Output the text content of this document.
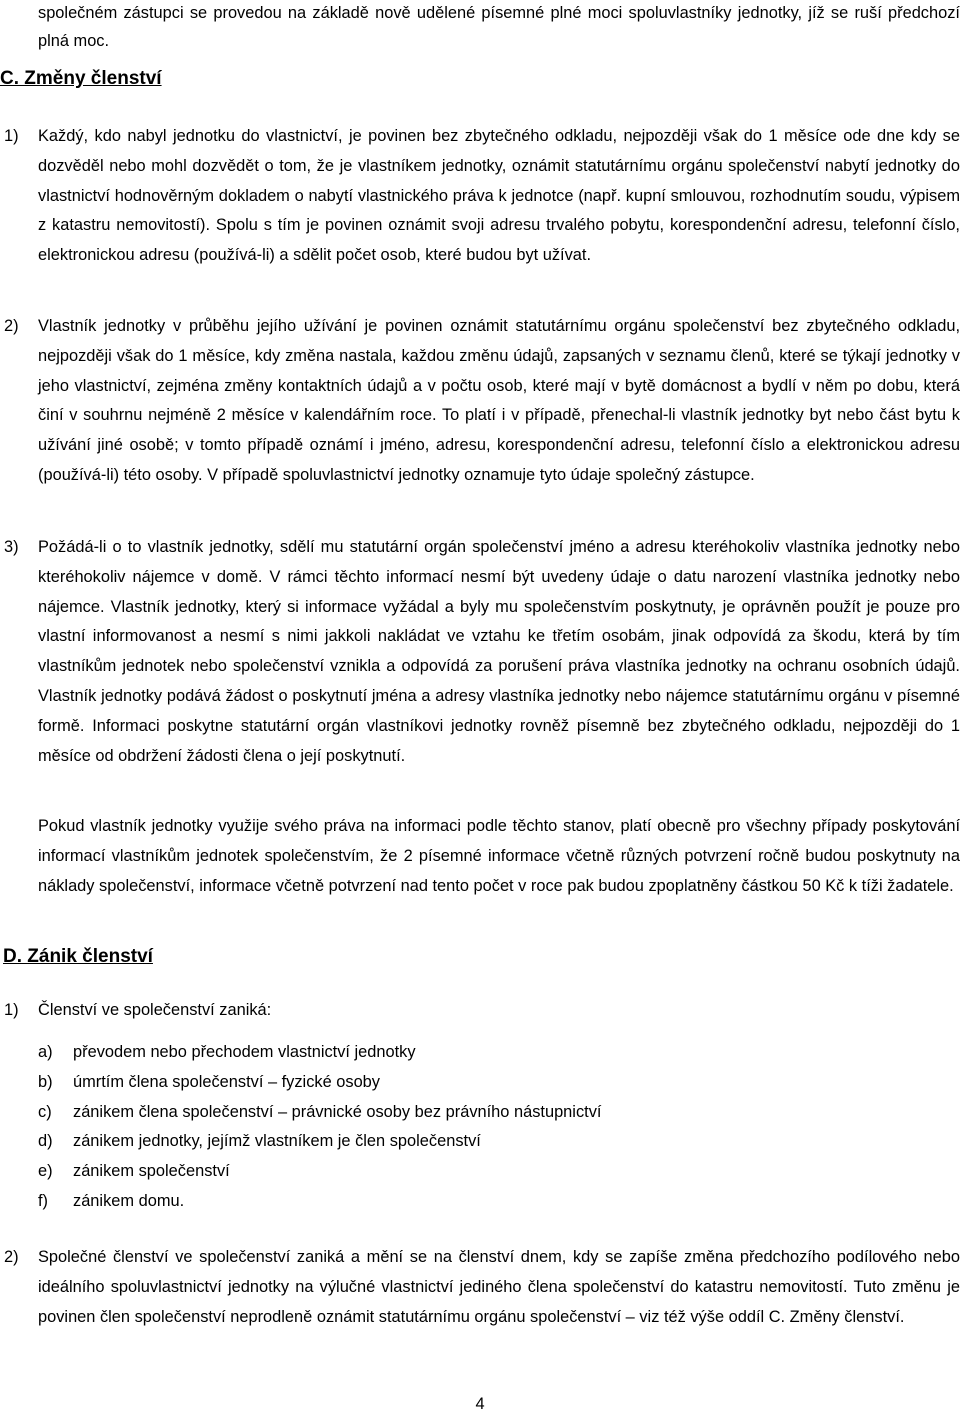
společném zástupci se provedou na základě nově udělené písemné plné moci spoluvlastníky jednotky, jíž se ruší předchozí plná moc.

C. Změny členství
1) Každý, kdo nabyl jednotku do vlastnictví, je povinen bez zbytečného odkladu, nejpozději však do 1 měsíce ode dne kdy se dozvěděl nebo mohl dozvědět o tom, že je vlastníkem jednotky, oznámit statutárnímu orgánu společenství nabytí jednotky do vlastnictví hodnověrným dokladem o nabytí vlastnického práva k jednotce (např. kupní smlouvou, rozhodnutím soudu, výpisem z katastru nemovitostí). Spolu s tím je povinen oznámit svoji adresu trvalého pobytu, korespondenční adresu, telefonní číslo, elektronickou adresu (používá-li) a sdělit počet osob, které budou byt užívat.

2) Vlastník jednotky v průběhu jejího užívání je povinen oznámit statutárnímu orgánu společenství bez zbytečného odkladu, nejpozději však do 1 měsíce, kdy změna nastala, každou změnu údajů, zapsaných v seznamu členů, které se týkají jednotky v jeho vlastnictví, zejména změny kontaktních údajů a v počtu osob, které mají v bytě domácnost a bydlí v něm po dobu, která činí v souhrnu nejméně 2 měsíce v kalendářním roce. To platí i v případě, přenechal-li vlastník jednotky byt nebo část bytu k užívání jiné osobě; v tomto případě oznámí i jméno, adresu, korespondenční adresu, telefonní číslo a elektronickou adresu (používá-li) této osoby. V případě spoluvlastnictví jednotky oznamuje tyto údaje společný zástupce.

3) Požádá-li o to vlastník jednotky, sdělí mu statutární orgán společenství jméno a adresu kteréhokoliv vlastníka jednotky nebo kteréhokoliv nájemce v domě. V rámci těchto informací nesmí být uvedeny údaje o datu narození vlastníka jednotky nebo nájemce. Vlastník jednotky, který si informace vyžádal a byly mu společenstvím poskytnuty, je oprávněn použít je pouze pro vlastní informovanost a nesmí s nimi jakkoli nakládat ve vztahu ke třetím osobám, jinak odpovídá za škodu, která by tím vlastníkům jednotek nebo společenství vznikla a odpovídá za porušení práva vlastníka jednotky na ochranu osobních údajů. Vlastník jednotky podává žádost o poskytnutí jména a adresy vlastníka jednotky nebo nájemce statutárnímu orgánu v písemné formě. Informaci poskytne statutární orgán vlastníkovi jednotky rovněž písemně bez zbytečného odkladu, nejpozději do 1 měsíce od obdržení žádosti člena o její poskytnutí.

Pokud vlastník jednotky využije svého práva na informaci podle těchto stanov, platí obecně pro všechny případy poskytování informací vlastníkům jednotek společenstvím, že 2 písemné informace včetně různých potvrzení ročně budou poskytnuty na náklady společenství, informace včetně potvrzení nad tento počet v roce pak budou zpoplatněny částkou 50 Kč k tíži žadatele.

D. Zánik členství
1) Členství ve společenství zaniká:

a) převodem nebo přechodem vlastnictví jednotky

b) úmrtím člena společenství – fyzické osoby

c) zánikem člena společenství – právnické osoby bez právního nástupnictví

d) zánikem jednotky, jejímž vlastníkem je člen společenství

e) zánikem společenství

f) zánikem domu.

2) Společné členství ve společenství zaniká a mění se na členství dnem, kdy se zapíše změna předchozího podílového nebo ideálního spoluvlastnictví jednotky na výlučné vlastnictví jediného člena společenství do katastru nemovitostí. Tuto změnu je povinen člen společenství neprodleně oznámit statutárnímu orgánu společenství – viz též výše oddíl C. Změny členství.

4
